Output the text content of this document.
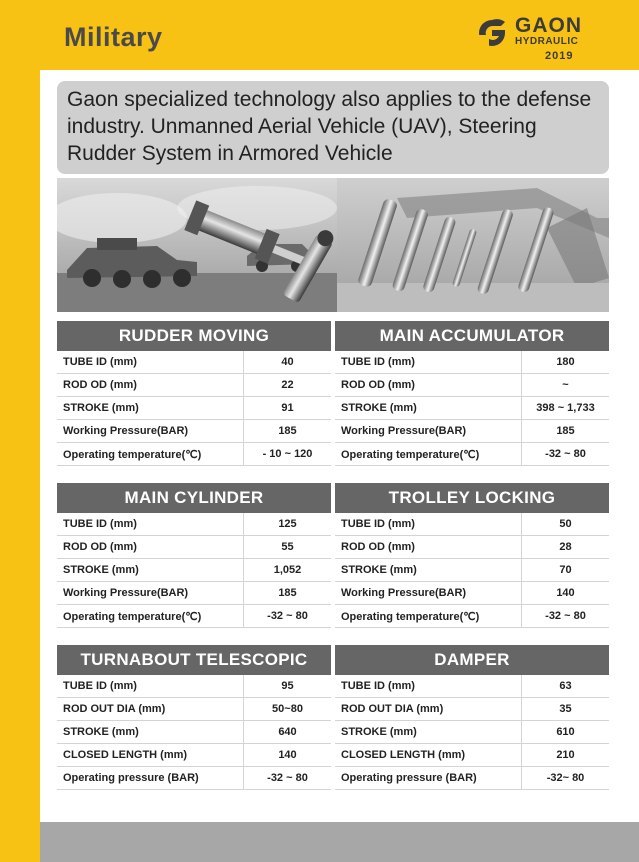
Military	GAON
HYDRAULIC
2019
Gaon specialized technology also applies to the defense industry. Unmanned Aerial Vehicle (UAV), Steering Rudder System in Armored Vehicle
RUDDER MOVING
TUBE ID (mm)	40
ROD OD (mm)	22
STROKE (mm)	91
Working Pressure(BAR)	185
Operating temperature(℃)	- 10 ~ 120
MAIN ACCUMULATOR
TUBE ID (mm)	180
ROD OD (mm)	~
STROKE (mm)	398 ~ 1,733
Working Pressure(BAR)	185
Operating temperature(℃)	-32 ~ 80
MAIN CYLINDER
TUBE ID (mm)	125
ROD OD (mm)	55
STROKE (mm)	1,052
Working Pressure(BAR)	185
Operating temperature(℃)	-32 ~ 80
TROLLEY LOCKING
TUBE ID (mm)	50
ROD OD (mm)	28
STROKE (mm)	70
Working Pressure(BAR)	140
Operating temperature(℃)	-32 ~ 80
TURNABOUT TELESCOPIC
TUBE ID (mm)	95
ROD OUT DIA (mm)	50~80
STROKE (mm)	640
CLOSED LENGTH (mm)	140
Operating pressure (BAR)	-32 ~ 80
DAMPER
TUBE ID (mm)	63
ROD OUT DIA (mm)	35
STROKE (mm)	610
CLOSED LENGTH (mm)	210
Operating pressure (BAR)	-32~ 80
